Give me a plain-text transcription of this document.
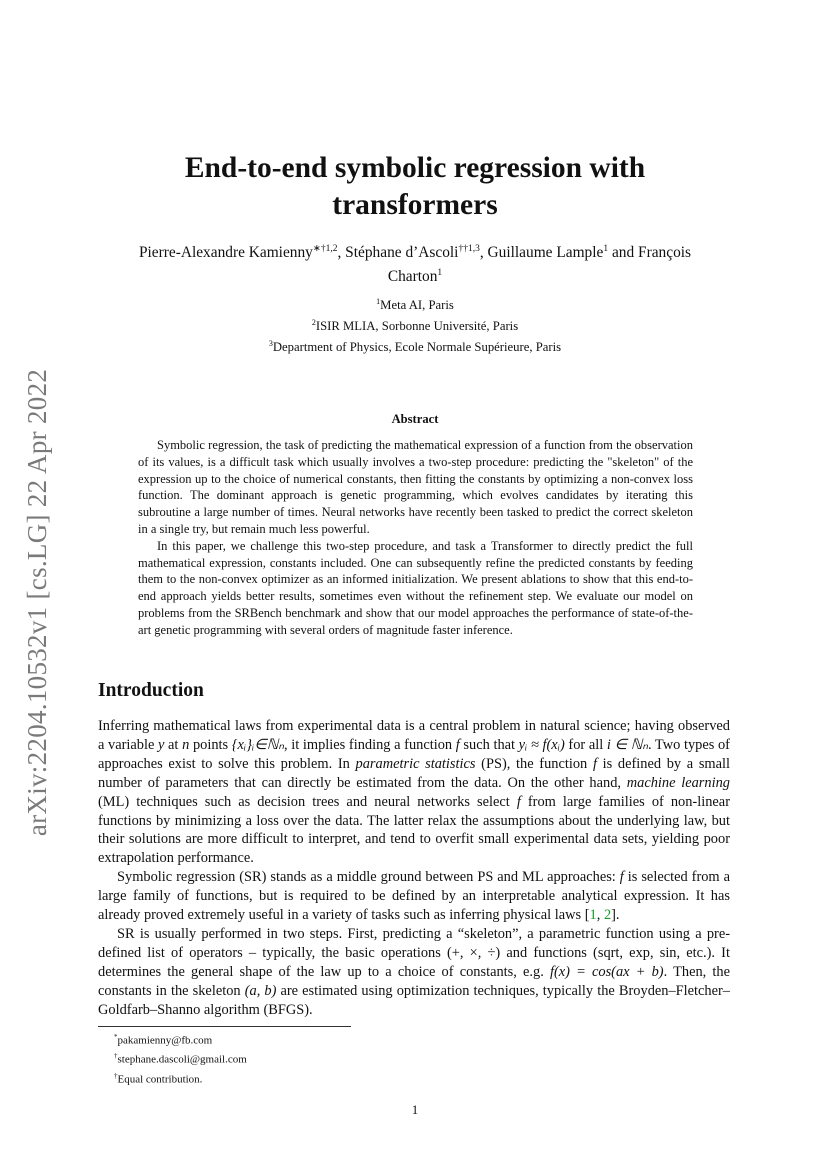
arXiv:2204.10532v1 [cs.LG] 22 Apr 2022
End-to-end symbolic regression with
transformers
Pierre-Alexandre Kamienny$^{∗\dagger 1,2}$, Stéphane d’Ascoli$^{\dagger\dagger 1,3}$, Guillaume Lample$^1$ and François
Charton$^1$
$^1$Meta AI, Paris
$^2$ISIR MLIA, Sorbonne Université, Paris
$^3$Department of Physics, Ecole Normale Supérieure, Paris
Abstract

Symbolic regression, the task of predicting the mathematical expression of a function from the observation of its values, is a difficult task which usually involves a two-step procedure: predicting the "skeleton" of the expression up to the choice of numerical constants, then fitting the constants by optimizing a non-convex loss function. The dominant approach is genetic programming, which evolves candidates by iterating this subroutine a large number of times. Neural networks have recently been tasked to predict the correct skeleton in a single try, but remain much less powerful.

In this paper, we challenge this two-step procedure, and task a Transformer to directly predict the full mathematical expression, constants included. One can subsequently refine the predicted constants by feeding them to the non-convex optimizer as an informed initialization. We present ablations to show that this end-to-end approach yields better results, sometimes even without the refinement step. We evaluate our model on problems from the SRBench benchmark and show that our model approaches the performance of state-of-the-art genetic programming with several orders of magnitude faster inference.

Introduction

Inferring mathematical laws from experimental data is a central problem in natural science; having observed a variable y at n points {xᵢ}ᵢ∈ℕₙ, it implies finding a function f such that yᵢ ≈ f(xᵢ) for all i ∈ ℕₙ. Two types of approaches exist to solve this problem. In parametric statistics (PS), the function f is defined by a small number of parameters that can directly be estimated from the data. On the other hand, machine learning (ML) techniques such as decision trees and neural networks select f from large families of non-linear functions by minimizing a loss over the data. The latter relax the assumptions about the underlying law, but their solutions are more difficult to interpret, and tend to overfit small experimental data sets, yielding poor extrapolation performance.

Symbolic regression (SR) stands as a middle ground between PS and ML approaches: f is selected from a large family of functions, but is required to be defined by an interpretable analytical expression. It has already proved extremely useful in a variety of tasks such as inferring physical laws [1, 2].

SR is usually performed in two steps. First, predicting a “skeleton”, a parametric function using a pre-defined list of operators – typically, the basic operations (+, ×, ÷) and functions (sqrt, exp, sin, etc.). It determines the general shape of the law up to a choice of constants, e.g. f(x) = cos(ax + b). Then, the constants in the skeleton (a, b) are estimated using optimization techniques, typically the Broyden–Fletcher–Goldfarb–Shanno algorithm (BFGS).

*pakamienny@fb.com
†stephane.dascoli@gmail.com
†Equal contribution.
1
